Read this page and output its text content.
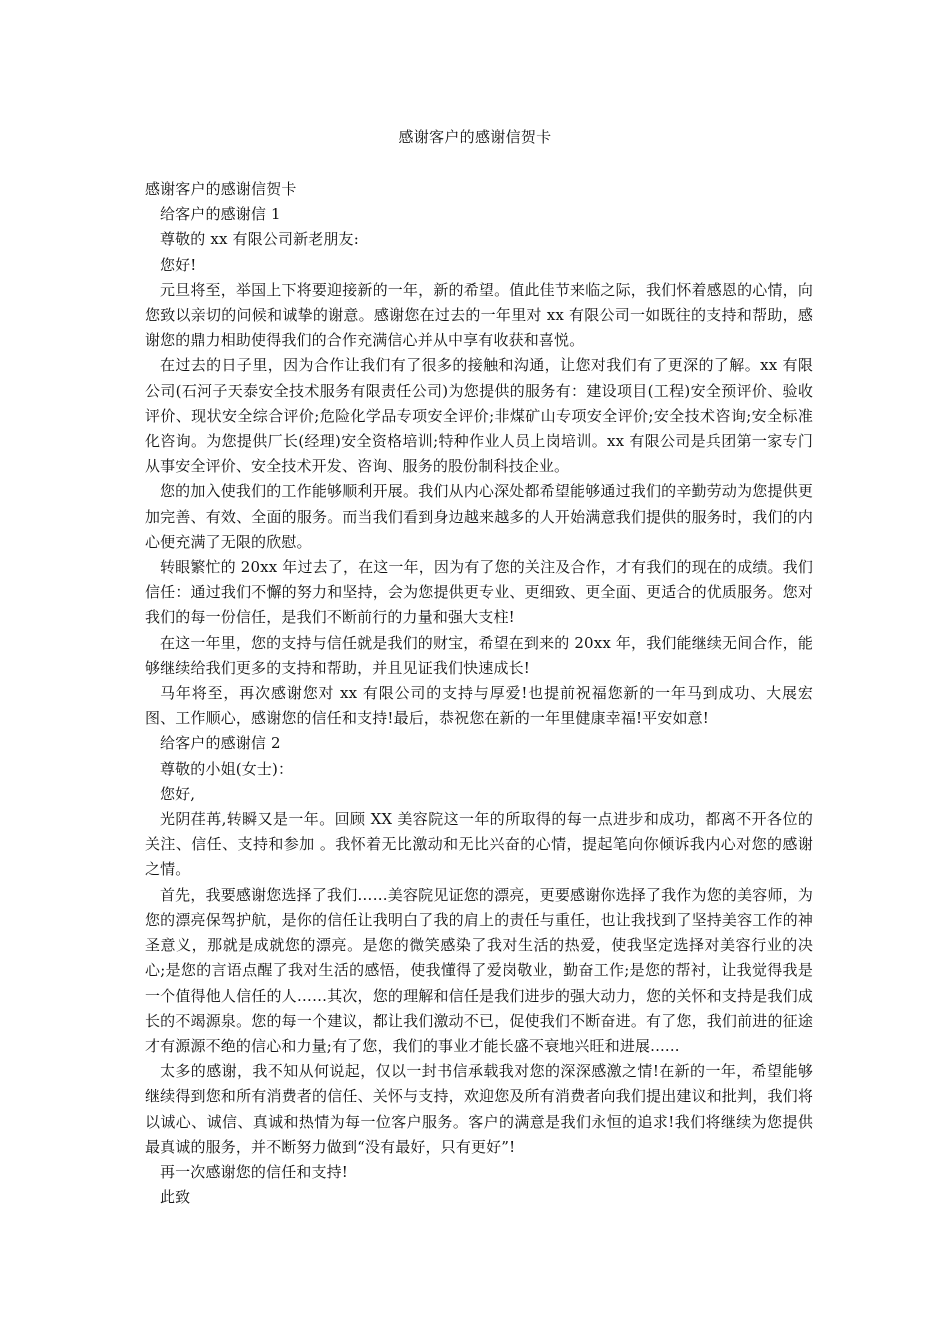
感谢客户的感谢信贺卡

感谢客户的感谢信贺卡

给客户的感谢信 1

尊敬的 xx 有限公司新老朋友:

您好!

元旦将至，举国上下将要迎接新的一年，新的希望。值此佳节来临之际，我们怀着感恩的心情，向您致以亲切的问候和诚挚的谢意。感谢您在过去的一年里对 xx 有限公司一如既往的支持和帮助，感谢您的鼎力相助使得我们的合作充满信心并从中享有收获和喜悦。

在过去的日子里，因为合作让我们有了很多的接触和沟通，让您对我们有了更深的了解。xx 有限公司(石河子天泰安全技术服务有限责任公司)为您提供的服务有：建设项目(工程)安全预评价、验收评价、现状安全综合评价;危险化学品专项安全评价;非煤矿山专项安全评价;安全技术咨询;安全标准化咨询。为您提供厂长(经理)安全资格培训;特种作业人员上岗培训。xx 有限公司是兵团第一家专门从事安全评价、安全技术开发、咨询、服务的股份制科技企业。

您的加入使我们的工作能够顺利开展。我们从内心深处都希望能够通过我们的辛勤劳动为您提供更加完善、有效、全面的服务。而当我们看到身边越来越多的人开始满意我们提供的服务时，我们的内心便充满了无限的欣慰。

转眼繁忙的 20xx 年过去了，在这一年，因为有了您的关注及合作，才有我们的现在的成绩。我们信任：通过我们不懈的努力和坚持，会为您提供更专业、更细致、更全面、更适合的优质服务。您对我们的每一份信任，是我们不断前行的力量和强大支柱!

在这一年里，您的支持与信任就是我们的财宝，希望在到来的 20xx 年，我们能继续无间合作，能够继续给我们更多的支持和帮助，并且见证我们快速成长!

马年将至，再次感谢您对 xx 有限公司的支持与厚爱!也提前祝福您新的一年马到成功、大展宏图、工作顺心，感谢您的信任和支持!最后，恭祝您在新的一年里健康幸福!平安如意!

给客户的感谢信 2

尊敬的小姐(女士)：

您好,

光阴荏苒,转瞬又是一年。回顾 XX 美容院这一年的所取得的每一点进步和成功，都离不开各位的关注、信任、支持和参加 。我怀着无比激动和无比兴奋的心情，提起笔向你倾诉我内心对您的感谢之情。

首先，我要感谢您选择了我们……美容院见证您的漂亮，更要感谢你选择了我作为您的美容师，为您的漂亮保驾护航，是你的信任让我明白了我的肩上的责任与重任，也让我找到了坚持美容工作的神圣意义，那就是成就您的漂亮。是您的微笑感染了我对生活的热爱，使我坚定选择对美容行业的决心;是您的言语点醒了我对生活的感悟，使我懂得了爱岗敬业，勤奋工作;是您的帮衬，让我觉得我是一个值得他人信任的人……其次，您的理解和信任是我们进步的强大动力，您的关怀和支持是我们成长的不竭源泉。您的每一个建议，都让我们激动不已，促使我们不断奋进。有了您，我们前进的征途才有源源不绝的信心和力量;有了您，我们的事业才能长盛不衰地兴旺和进展......

太多的感谢，我不知从何说起，仅以一封书信承载我对您的深深感激之情!在新的一年，希望能够继续得到您和所有消费者的信任、关怀与支持，欢迎您及所有消费者向我们提出建议和批判，我们将以诚心、诚信、真诚和热情为每一位客户服务。客户的满意是我们永恒的追求!我们将继续为您提供最真诚的服务，并不断努力做到“没有最好，只有更好”!

再一次感谢您的信任和支持!

此致
